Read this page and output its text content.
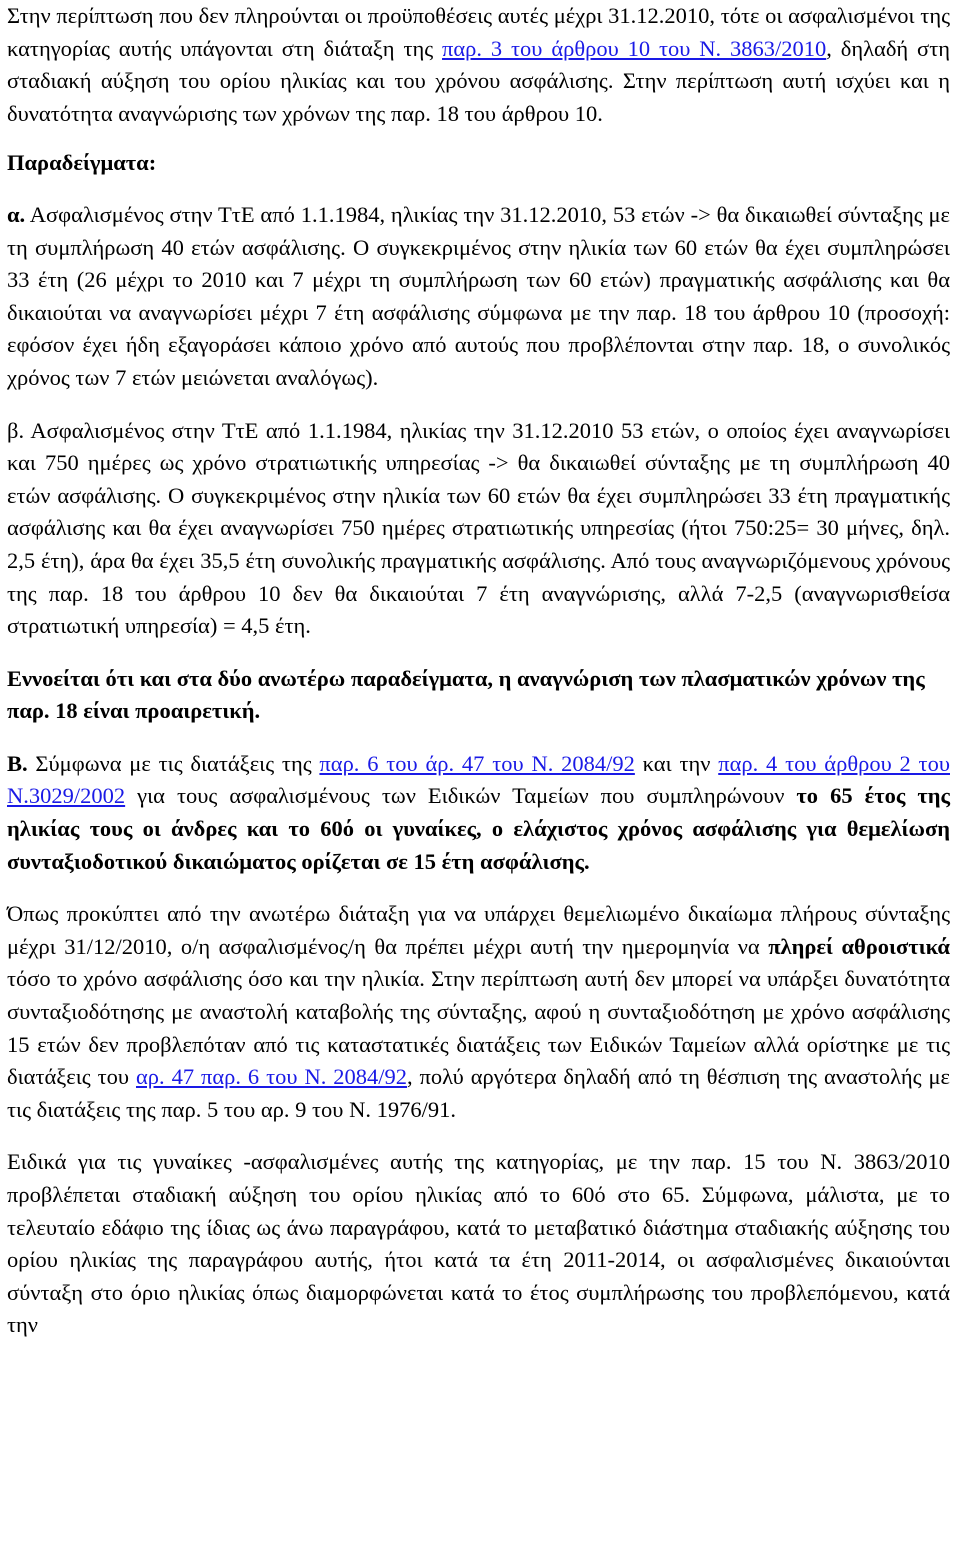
Στην περίπτωση που δεν πληρούνται οι προϋποθέσεις αυτές μέχρι 31.12.2010, τότε οι ασφαλισμένοι της κατηγορίας αυτής υπάγονται στη διάταξη της παρ. 3 του άρθρου 10 του Ν. 3863/2010, δηλαδή στη σταδιακή αύξηση του ορίου ηλικίας και του χρόνου ασφάλισης. Στην περίπτωση αυτή ισχύει και η δυνατότητα αναγνώρισης των χρόνων της παρ. 18 του άρθρου 10.

Παραδείγματα:

α. Ασφαλισμένος στην ΤτΕ από 1.1.1984, ηλικίας την 31.12.2010, 53 ετών -> θα δικαιωθεί σύνταξης με τη συμπλήρωση 40 ετών ασφάλισης. Ο συγκεκριμένος στην ηλικία των 60 ετών θα έχει συμπληρώσει 33 έτη (26 μέχρι το 2010 και 7 μέχρι τη συμπλήρωση των 60 ετών) πραγματικής ασφάλισης και θα δικαιούται να αναγνωρίσει μέχρι 7 έτη ασφάλισης σύμφωνα με την παρ. 18 του άρθρου 10 (προσοχή: εφόσον έχει ήδη εξαγοράσει κάποιο χρόνο από αυτούς που προβλέπονται στην παρ. 18, ο συνολικός χρόνος των 7 ετών μειώνεται αναλόγως).

β. Ασφαλισμένος στην ΤτΕ από 1.1.1984, ηλικίας την 31.12.2010 53 ετών, ο οποίος έχει αναγνωρίσει και 750 ημέρες ως χρόνο στρατιωτικής υπηρεσίας -> θα δικαιωθεί σύνταξης με τη συμπλήρωση 40 ετών ασφάλισης. Ο συγκεκριμένος στην ηλικία των 60 ετών θα έχει συμπληρώσει 33 έτη πραγματικής ασφάλισης και θα έχει αναγνωρίσει 750 ημέρες στρατιωτικής υπηρεσίας (ήτοι 750:25= 30 μήνες, δηλ. 2,5 έτη), άρα θα έχει 35,5 έτη συνολικής πραγματικής ασφάλισης. Από τους αναγνωριζόμενους χρόνους της παρ. 18 του άρθρου 10 δεν θα δικαιούται 7 έτη αναγνώρισης, αλλά 7-2,5 (αναγνωρισθείσα στρατιωτική υπηρεσία) = 4,5 έτη.

Εννοείται ότι και στα δύο ανωτέρω παραδείγματα, η αναγνώριση των πλασματικών χρόνων της παρ. 18 είναι προαιρετική.

Β. Σύμφωνα με τις διατάξεις της παρ. 6 του άρ. 47 του Ν. 2084/92 και την παρ. 4 του άρθρου 2 του Ν.3029/2002 για τους ασφαλισμένους των Ειδικών Ταμείων που συμπληρώνουν το 65 έτος της ηλικίας τους οι άνδρες και το 60ό οι γυναίκες, ο ελάχιστος χρόνος ασφάλισης για θεμελίωση συνταξιοδοτικού δικαιώματος ορίζεται σε 15 έτη ασφάλισης.

Όπως προκύπτει από την ανωτέρω διάταξη για να υπάρχει θεμελιωμένο δικαίωμα πλήρους σύνταξης μέχρι 31/12/2010, ο/η ασφαλισμένος/η θα πρέπει μέχρι αυτή την ημερομηνία να πληρεί αθροιστικά τόσο το χρόνο ασφάλισης όσο και την ηλικία. Στην περίπτωση αυτή δεν μπορεί να υπάρξει δυνατότητα συνταξιοδότησης με αναστολή καταβολής της σύνταξης, αφού η συνταξιοδότηση με χρόνο ασφάλισης 15 ετών δεν προβλεπόταν από τις καταστατικές διατάξεις των Ειδικών Ταμείων αλλά ορίστηκε με τις διατάξεις του αρ. 47 παρ. 6 του Ν. 2084/92, πολύ αργότερα δηλαδή από τη θέσπιση της αναστολής με τις διατάξεις της παρ. 5 του αρ. 9 του Ν. 1976/91.

Ειδικά για τις γυναίκες -ασφαλισμένες αυτής της κατηγορίας, με την παρ. 15 του Ν. 3863/2010 προβλέπεται σταδιακή αύξηση του ορίου ηλικίας από το 60ό στο 65. Σύμφωνα, μάλιστα, με το τελευταίο εδάφιο της ίδιας ως άνω παραγράφου, κατά το μεταβατικό διάστημα σταδιακής αύξησης του ορίου ηλικίας της παραγράφου αυτής, ήτοι κατά τα έτη 2011-2014, οι ασφαλισμένες δικαιούνται σύνταξη στο όριο ηλικίας όπως διαμορφώνεται κατά το έτος συμπλήρωσης του προβλεπόμενου, κατά την
